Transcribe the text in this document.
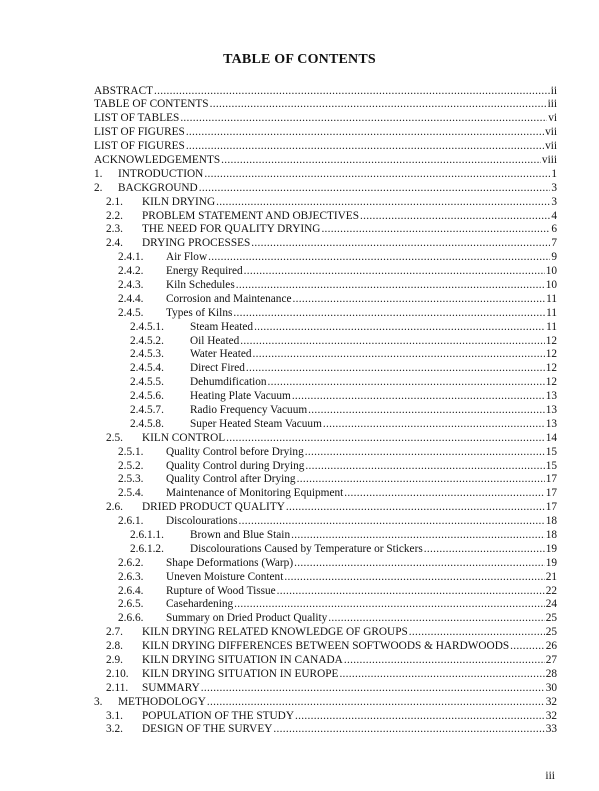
TABLE OF CONTENTS
ABSTRACT .....	ii
TABLE OF CONTENTS .....	iii
LIST OF TABLES .....	vi
LIST OF FIGURES .....	vii
LIST OF FIGURES .....	vii
ACKNOWLEDGEMENTS .....	viii
1.	INTRODUCTION .....	1
2.	BACKGROUND .....	3
2.1.	KILN DRYING .....	3
2.2.	PROBLEM STATEMENT AND OBJECTIVES .....	4
2.3.	THE NEED FOR QUALITY DRYING .....	6
2.4.	DRYING PROCESSES .....	7
2.4.1.	Air Flow .....	9
2.4.2.	Energy Required .....	10
2.4.3.	Kiln Schedules .....	10
2.4.4.	Corrosion and Maintenance .....	11
2.4.5.	Types of Kilns .....	11
2.4.5.1.	Steam Heated .....	11
2.4.5.2.	Oil Heated .....	12
2.4.5.3.	Water Heated .....	12
2.4.5.4.	Direct Fired .....	12
2.4.5.5.	Dehumdification .....	12
2.4.5.6.	Heating Plate Vacuum .....	13
2.4.5.7.	Radio Frequency Vacuum .....	13
2.4.5.8.	Super Heated Steam Vacuum .....	13
2.5.	KILN CONTROL .....	14
2.5.1.	Quality Control before Drying .....	15
2.5.2.	Quality Control during Drying .....	15
2.5.3.	Quality Control after Drying .....	17
2.5.4.	Maintenance of Monitoring Equipment .....	17
2.6.	DRIED PRODUCT QUALITY .....	17
2.6.1.	Discolourations .....	18
2.6.1.1.	Brown and Blue Stain .....	18
2.6.1.2.	Discolourations Caused by Temperature or Stickers .....	19
2.6.2.	Shape Deformations (Warp) .....	19
2.6.3.	Uneven Moisture Content .....	21
2.6.4.	Rupture of Wood Tissue .....	22
2.6.5.	Casehardening .....	24
2.6.6.	Summary on Dried Product Quality .....	25
2.7.	KILN DRYING RELATED KNOWLEDGE OF GROUPS .....	25
2.8.	KILN DRYING DIFFERENCES BETWEEN SOFTWOODS & HARDWOODS .....	26
2.9.	KILN DRYING SITUATION IN CANADA .....	27
2.10.	KILN DRYING SITUATION IN EUROPE .....	28
2.11.	SUMMARY .....	30
3.	METHODOLOGY .....	32
3.1.	POPULATION OF THE STUDY .....	32
3.2.	DESIGN OF THE SURVEY .....	33
iii
